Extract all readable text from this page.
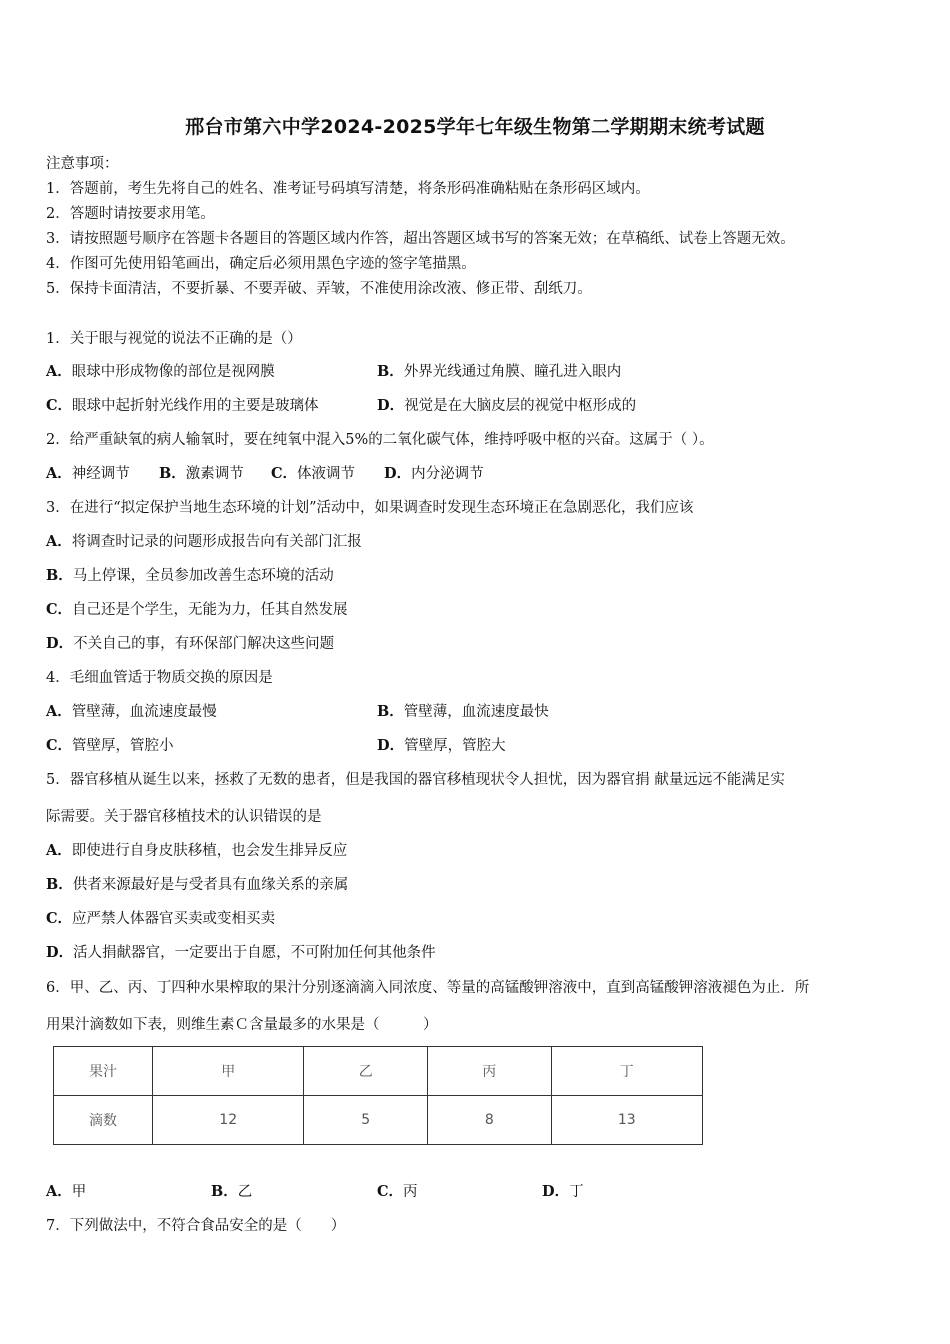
邢台市第六中学2024-2025学年七年级生物第二学期期末统考试题
注意事项：
1．答题前，考生先将自己的姓名、准考证号码填写清楚，将条形码准确粘贴在条形码区域内。
2．答题时请按要求用笔。
3．请按照题号顺序在答题卡各题目的答题区域内作答，超出答题区域书写的答案无效；在草稿纸、试卷上答题无效。
4．作图可先使用铅笔画出，确定后必须用黑色字迹的签字笔描黑。
5．保持卡面清洁，不要折暴、不要弄破、弄皱，不准使用涂改液、修正带、刮纸刀。
1．关于眼与视觉的说法不正确的是（）
A．眼球中形成物像的部位是视网膜	B．外界光线通过角膜、瞳孔进入眼内
C．眼球中起折射光线作用的主要是玻璃体	D．视觉是在大脑皮层的视觉中枢形成的
2．给严重缺氧的病人输氧时，要在纯氧中混入5%的二氧化碳气体，维持呼吸中枢的兴奋。这属于（ ）。
A．神经调节 B．激素调节 C．体液调节 D．内分泌调节
3．在进行“拟定保护当地生态环境的计划”活动中，如果调查时发现生态环境正在急剧恶化，我们应该
A．将调查时记录的问题形成报告向有关部门汇报
B．马上停课，全员参加改善生态环境的活动
C．自己还是个学生，无能为力，任其自然发展
D．不关自己的事，有环保部门解决这些问题
4．毛细血管适于物质交换的原因是
A．管壁薄，血流速度最慢	B．管壁薄，血流速度最快
C．管壁厚，管腔小	D．管壁厚，管腔大
5．器官移植从诞生以来，拯救了无数的患者，但是我国的器官移植现状令人担忧，因为器官捐 献量远远不能满足实
际需要。关于器官移植技术的认识错误的是
A．即使进行自身皮肤移植，也会发生排异反应
B．供者来源最好是与受者具有血缘关系的亲属
C．应严禁人体器官买卖或变相买卖
D．活人捐献器官，一定要出于自愿，不可附加任何其他条件
6．甲、乙、丙、丁四种水果榨取的果汁分别逐滴滴入同浓度、等量的高锰酸钾溶液中，直到高锰酸钾溶液褪色为止．所
用果汁滴数如下表，则维生素Ｃ含量最多的水果是（　　　）
果汁	甲	乙	丙	丁
滴数	12	5	8	13
A．甲	B．乙	C．丙	D．丁
7．下列做法中，不符合食品安全的是（　　）
